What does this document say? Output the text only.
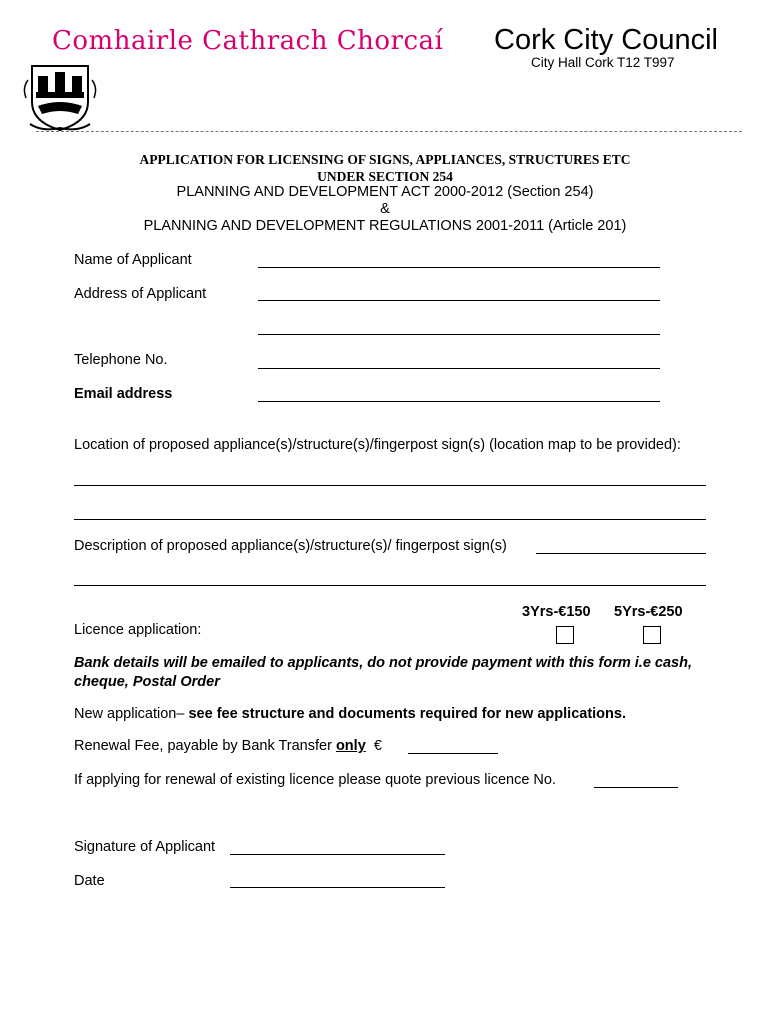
Comhairle Cathrach Chorcaí Cork City Council
City Hall Cork T12 T997
APPLICATION FOR LICENSING OF SIGNS, APPLIANCES, STRUCTURES ETC
UNDER SECTION 254
PLANNING AND DEVELOPMENT ACT 2000-2012 (Section 254)
&
PLANNING AND DEVELOPMENT REGULATIONS 2001-2011 (Article 201)
Name of Applicant
Address of Applicant
Telephone No.
Email address
Location of proposed appliance(s)/structure(s)/fingerpost sign(s) (location map to be provided):
Description of proposed appliance(s)/structure(s)/ fingerpost sign(s)
3Yrs-€150 5Yrs-€250
Licence application:
Bank details will be emailed to applicants, do not provide payment with this form i.e cash, cheque, Postal Order
New application– see fee structure and documents required for new applications.
Renewal Fee, payable by Bank Transfer only €
If applying for renewal of existing licence please quote previous licence No.
Signature of Applicant
Date
